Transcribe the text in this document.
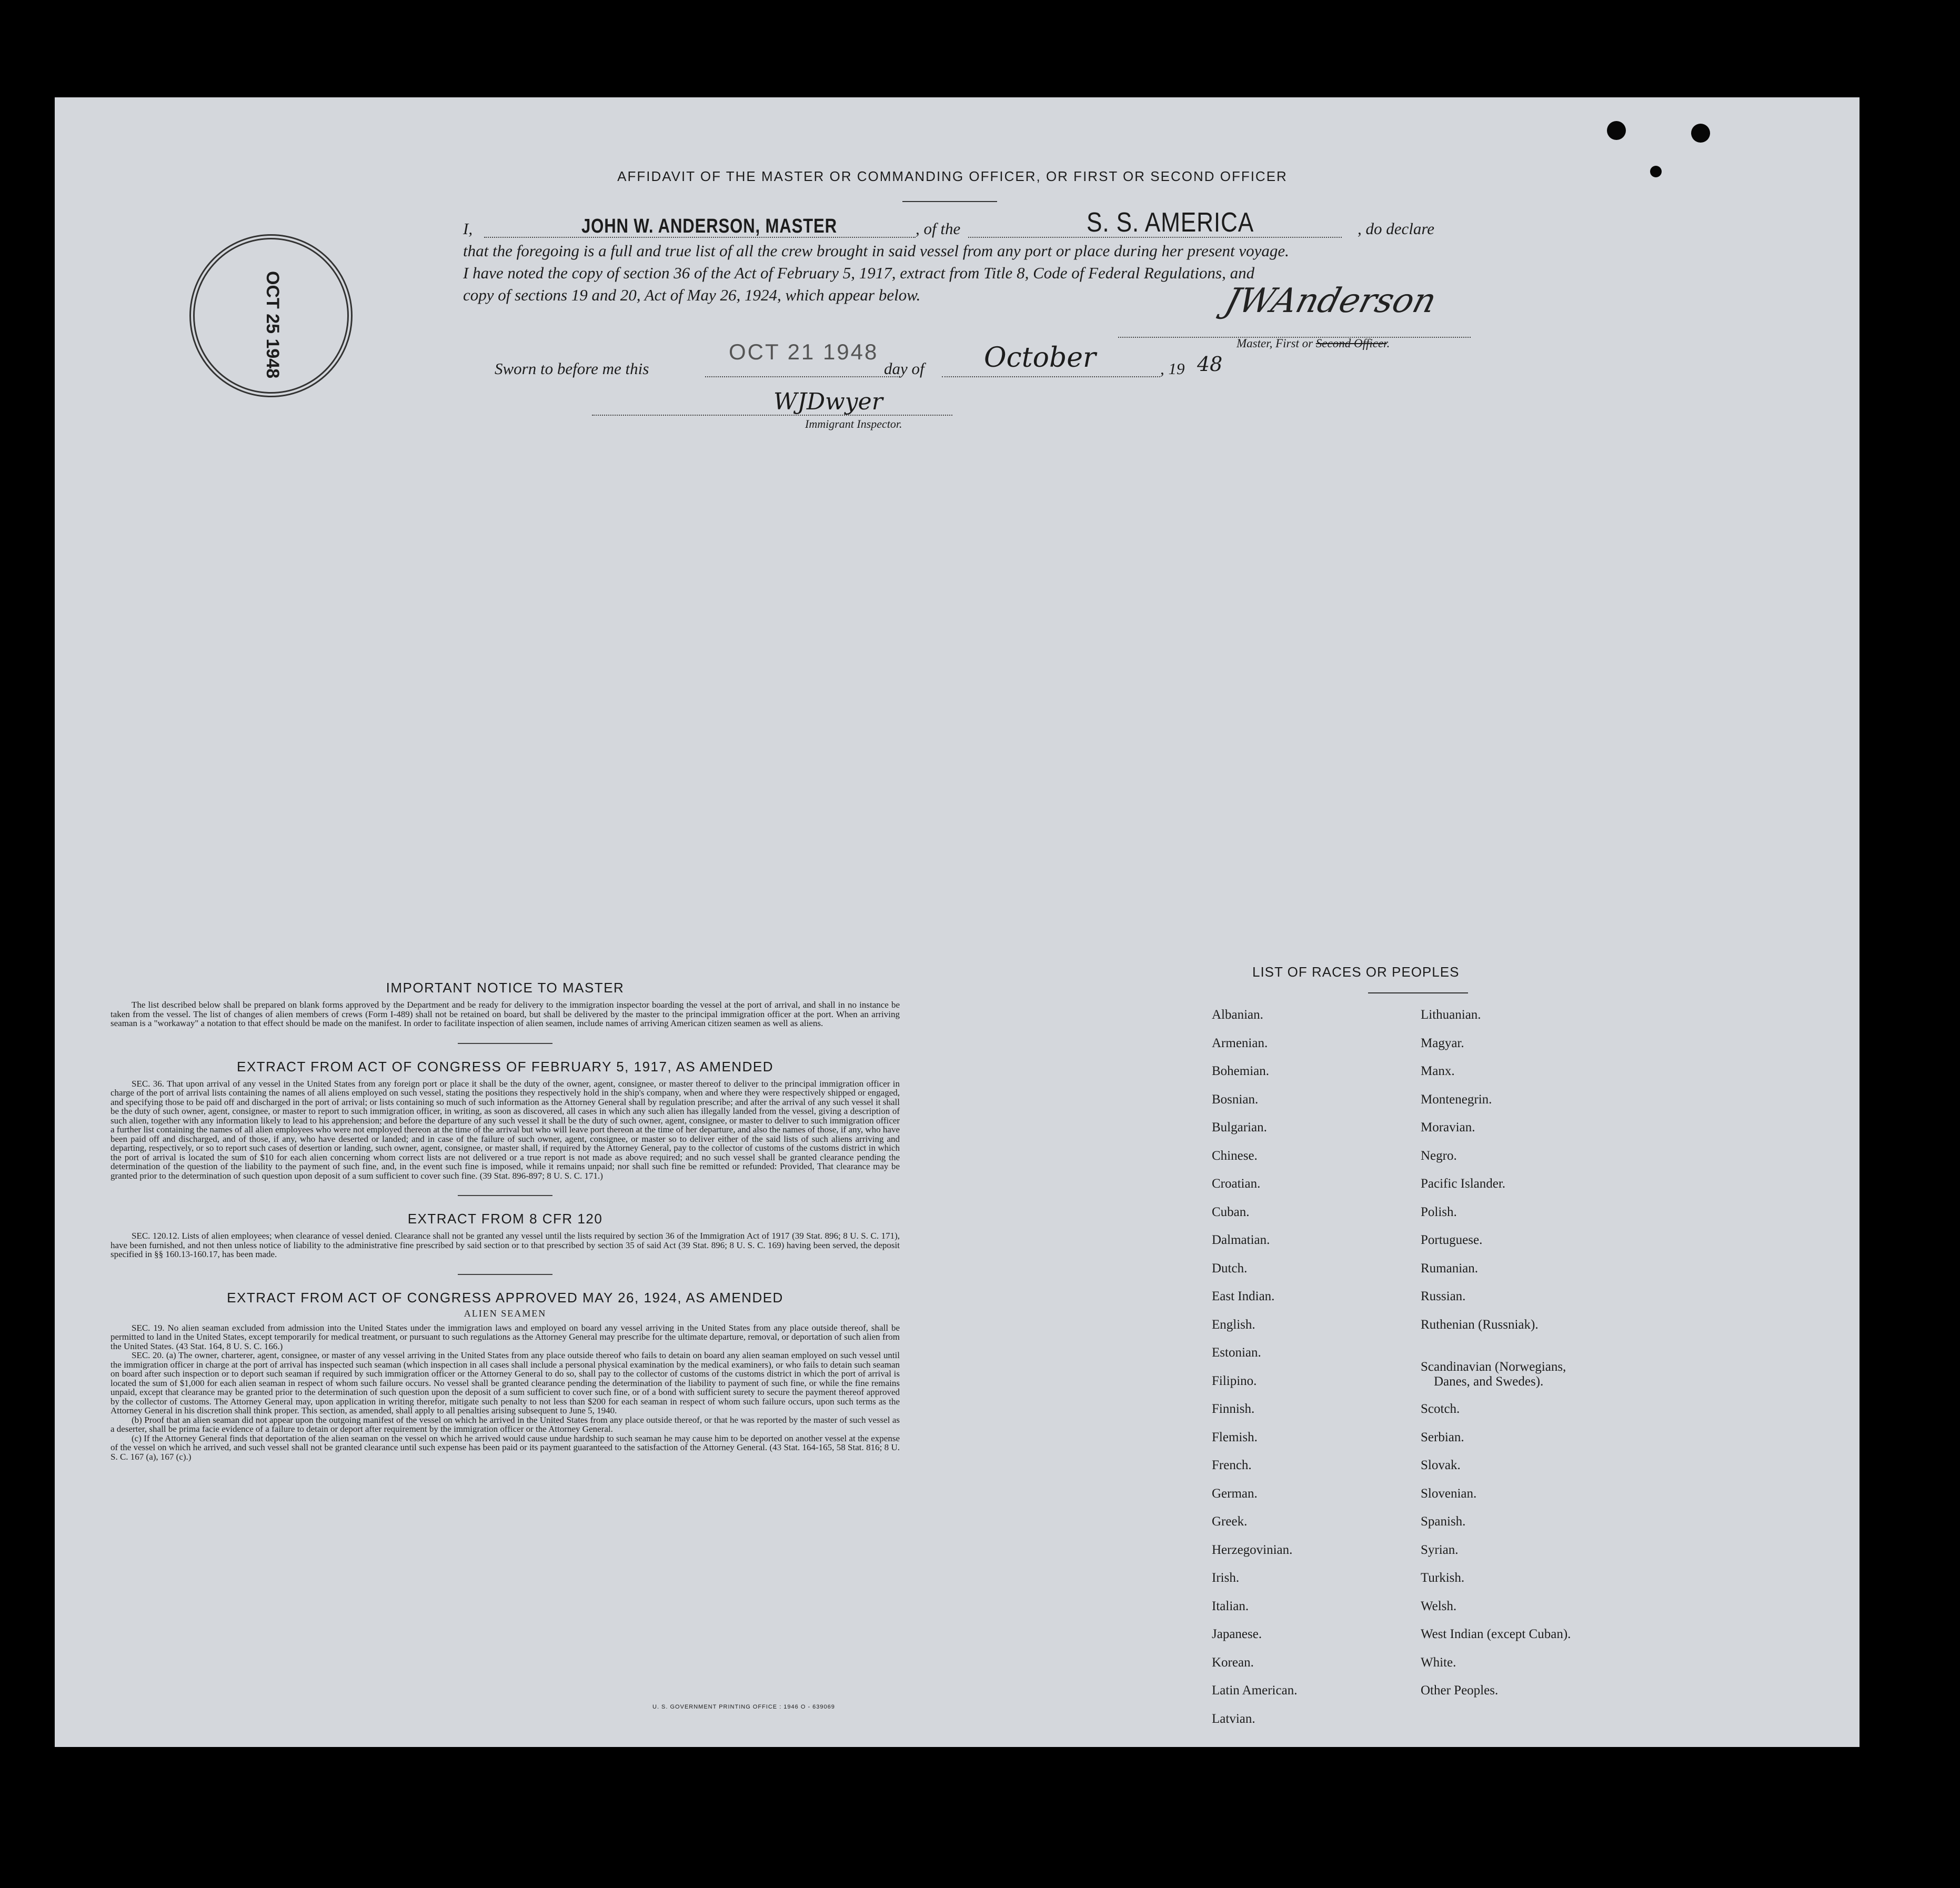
AFFIDAVIT OF THE MASTER OR COMMANDING OFFICER, OR FIRST OR SECOND OFFICER
OCT 25 1948
I,	JOHN W. ANDERSON, MASTER	, of the	S. S. AMERICA	, do declare
that the foregoing is a full and true list of all the crew brought in said vessel from any port or place during her present voyage.
I have noted the copy of section 36 of the Act of February 5, 1917, extract from Title 8, Code of Federal Regulations, and
copy of sections 19 and 20, Act of May 26, 1924, which appear below.	JWAnderson
Master, First or Second Officer.
Sworn to before me this
OCT 21 1948
day of October	, 19 48
WJDwyer
Immigrant Inspector.
IMPORTANT NOTICE TO MASTER

The list described below shall be prepared on blank forms approved by the Department and be ready for delivery to the immigration inspector boarding the vessel at the port of arrival, and shall in no instance be taken from the vessel. The list of changes of alien members of crews (Form I-489) shall not be retained on board, but shall be delivered by the master to the principal immigration officer at the port. When an arriving seaman is a "workaway" a notation to that effect should be made on the manifest. In order to facilitate inspection of alien seamen, include names of arriving American citizen seamen as well as aliens.

EXTRACT FROM ACT OF CONGRESS OF FEBRUARY 5, 1917, AS AMENDED

SEC. 36. That upon arrival of any vessel in the United States from any foreign port or place it shall be the duty of the owner, agent, consignee, or master thereof to deliver to the principal immigration officer in charge of the port of arrival lists containing the names of all aliens employed on such vessel, stating the positions they respectively hold in the ship's company, when and where they were respectively shipped or engaged, and specifying those to be paid off and discharged in the port of arrival; or lists containing so much of such information as the Attorney General shall by regulation prescribe; and after the arrival of any such vessel it shall be the duty of such owner, agent, consignee, or master to report to such immigration officer, in writing, as soon as discovered, all cases in which any such alien has illegally landed from the vessel, giving a description of such alien, together with any information likely to lead to his apprehension; and before the departure of any such vessel it shall be the duty of such owner, agent, consignee, or master to deliver to such immigration officer a further list containing the names of all alien employees who were not employed thereon at the time of the arrival but who will leave port thereon at the time of her departure, and also the names of those, if any, who have been paid off and discharged, and of those, if any, who have deserted or landed; and in case of the failure of such owner, agent, consignee, or master so to deliver either of the said lists of such aliens arriving and departing, respectively, or so to report such cases of desertion or landing, such owner, agent, consignee, or master shall, if required by the Attorney General, pay to the collector of customs of the customs district in which the port of arrival is located the sum of $10 for each alien concerning whom correct lists are not delivered or a true report is not made as above required; and no such vessel shall be granted clearance pending the determination of the question of the liability to the payment of such fine, and, in the event such fine is imposed, while it remains unpaid; nor shall such fine be remitted or refunded: Provided, That clearance may be granted prior to the determination of such question upon deposit of a sum sufficient to cover such fine. (39 Stat. 896-897; 8 U. S. C. 171.)

EXTRACT FROM 8 CFR 120

SEC. 120.12. Lists of alien employees; when clearance of vessel denied. Clearance shall not be granted any vessel until the lists required by section 36 of the Immigration Act of 1917 (39 Stat. 896; 8 U. S. C. 171), have been furnished, and not then unless notice of liability to the administrative fine prescribed by said section or to that prescribed by section 35 of said Act (39 Stat. 896; 8 U. S. C. 169) having been served, the deposit specified in §§ 160.13-160.17, has been made.

EXTRACT FROM ACT OF CONGRESS APPROVED MAY 26, 1924, AS AMENDED
ALIEN SEAMEN

SEC. 19. No alien seaman excluded from admission into the United States under the immigration laws and employed on board any vessel arriving in the United States from any place outside thereof, shall be permitted to land in the United States, except temporarily for medical treatment, or pursuant to such regulations as the Attorney General may prescribe for the ultimate departure, removal, or deportation of such alien from the United States. (43 Stat. 164, 8 U. S. C. 166.)

SEC. 20. (a) The owner, charterer, agent, consignee, or master of any vessel arriving in the United States from any place outside thereof who fails to detain on board any alien seaman employed on such vessel until the immigration officer in charge at the port of arrival has inspected such seaman (which inspection in all cases shall include a personal physical examination by the medical examiners), or who fails to detain such seaman on board after such inspection or to deport such seaman if required by such immigration officer or the Attorney General to do so, shall pay to the collector of customs of the customs district in which the port of arrival is located the sum of $1,000 for each alien seaman in respect of whom such failure occurs. No vessel shall be granted clearance pending the determination of the liability to payment of such fine, or while the fine remains unpaid, except that clearance may be granted prior to the determination of such question upon the deposit of a sum sufficient to cover such fine, or of a bond with sufficient surety to secure the payment thereof approved by the collector of customs. The Attorney General may, upon application in writing therefor, mitigate such penalty to not less than $200 for each seaman in respect of whom such failure occurs, upon such terms as the Attorney General in his discretion shall think proper. This section, as amended, shall apply to all penalties arising subsequent to June 5, 1940.

(b) Proof that an alien seaman did not appear upon the outgoing manifest of the vessel on which he arrived in the United States from any place outside thereof, or that he was reported by the master of such vessel as a deserter, shall be prima facie evidence of a failure to detain or deport after requirement by the immigration officer or the Attorney General.

(c) If the Attorney General finds that deportation of the alien seaman on the vessel on which he arrived would cause undue hardship to such seaman he may cause him to be deported on another vessel at the expense of the vessel on which he arrived, and such vessel shall not be granted clearance until such expense has been paid or its payment guaranteed to the satisfaction of the Attorney General. (43 Stat. 164-165, 58 Stat. 816; 8 U. S. C. 167 (a), 167 (c).)

U. S. GOVERNMENT PRINTING OFFICE : 1946 O - 639069
LIST OF RACES OR PEOPLES
Albanian.
Armenian.
Bohemian.
Bosnian.
Bulgarian.
Chinese.
Croatian.
Cuban.
Dalmatian.
Dutch.
East Indian.
English.
Estonian.
Filipino.
Finnish.
Flemish.
French.
German.
Greek.
Herzegovinian.
Irish.
Italian.
Japanese.
Korean.
Latin American.
Latvian.
Lithuanian.
Magyar.
Manx.
Montenegrin.
Moravian.
Negro.
Pacific Islander.
Polish.
Portuguese.
Rumanian.
Russian.
Ruthenian (Russniak).
Scandinavian (Norwegians,
Danes, and Swedes).
Scotch.
Serbian.
Slovak.
Slovenian.
Spanish.
Syrian.
Turkish.
Welsh.
West Indian (except Cuban).
White.
Other Peoples.
